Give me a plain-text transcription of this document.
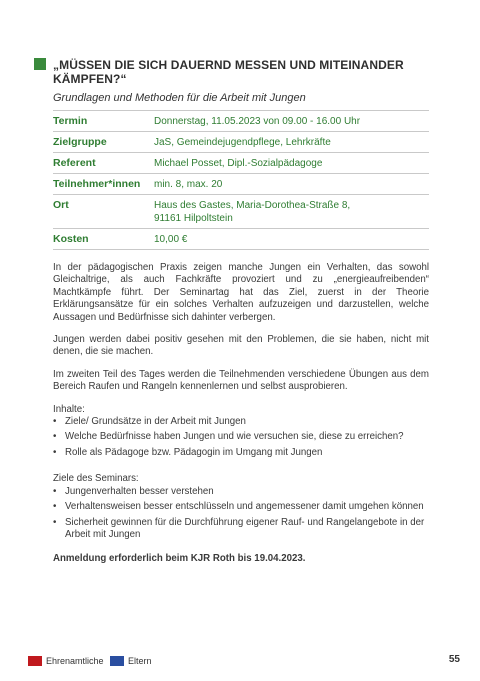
„MÜSSEN DIE SICH DAUERND MESSEN UND MITEINANDER KÄMPFEN?“
Grundlagen und Methoden für die Arbeit mit Jungen
Termin	Donnerstag, 11.05.2023 von 09.00 - 16.00 Uhr
Zielgruppe	JaS, Gemeindejugendpflege, Lehrkräfte
Referent	Michael Posset, Dipl.-Sozialpädagoge
Teilnehmer*innen	min. 8, max. 20
Ort	Haus des Gastes, Maria-Dorothea-Straße 8,
91161 Hilpoltstein
Kosten	10,00 €

In der pädagogischen Praxis zeigen manche Jungen ein Verhalten, das sowohl Gleichaltrige, als auch Fachkräfte provoziert und zu „energieaufreibenden“ Machtkämpfe führt. Der Seminartag hat das Ziel, zuerst in der Theorie Erklärungsansätze für ein solches Verhalten aufzuzeigen und darzustellen, welche Aussagen und Bedürfnisse sich dahinter verbergen.

Jungen werden dabei positiv gesehen mit den Problemen, die sie haben, nicht mit denen, die sie machen.

Im zweiten Teil des Tages werden die Teilnehmenden verschiedene Übungen aus dem Bereich Raufen und Rangeln kennenlernen und selbst ausprobieren.

Inhalte:
• Ziele/ Grundsätze in der Arbeit mit Jungen
• Welche Bedürfnisse haben Jungen und wie versuchen sie, diese zu erreichen?
• Rolle als Pädagoge bzw. Pädagogin im Umgang mit Jungen
Ziele des Seminars:
• Jungenverhalten besser verstehen
• Verhaltensweisen besser entschlüsseln und angemessener damit umgehen können
• Sicherheit gewinnen für die Durchführung eigener Rauf- und Rangelangebote in der Arbeit mit Jungen
Anmeldung erforderlich beim KJR Roth bis 19.04.2023.
Ehrenamtliche	Eltern	55
